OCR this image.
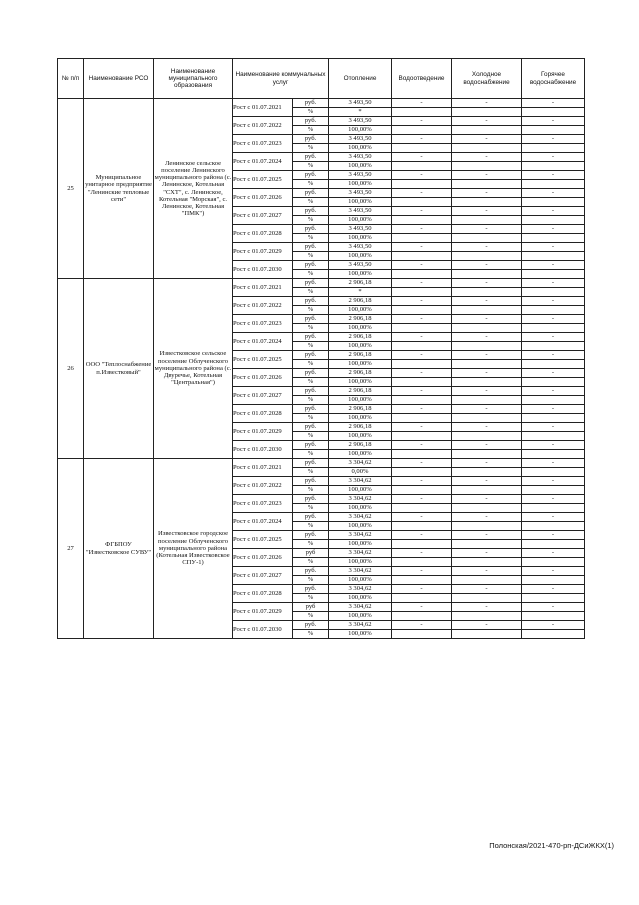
№ п/п	Наименование РСО	Наименование муниципального образования	Наименование коммунальных услуг		Отопление	Водоотведение	Холодное водоснабжение	Горячее водоснабжение
25	Муниципальное унитарное предприятие "Ленинские тепловые сети"	Ленинское сельское поселение Ленинского муниципального района (с. Ленинское, Котельная "СХТ", с. Ленинское, Котельная "Морская", с. Ленинское, Котельная "ПМК")	Рост с 01.07.2021	руб.	3 493,50	-	-	-
				%	*			
			Рост с 01.07.2022	руб.	3 493,50	-	-	-
				%	100,00%			
			Рост с 01.07.2023	руб.	3 493,50	-	-	-
				%	100,00%			
			Рост с 01.07.2024	руб.	3 493,50	-	-	-
				%	100,00%			
			Рост с 01.07.2025	руб.	3 493,50	-	-	-
				%	100,00%			
			Рост с 01.07.2026	руб.	3 493,50	-	-	-
				%	100,00%			
			Рост с 01.07.2027	руб.	3 493,50	-	-	-
				%	100,00%			
			Рост с 01.07.2028	руб.	3 493,50	-	-	-
				%	100,00%			
			Рост с 01.07.2029	руб.	3 493,50	-	-	-
				%	100,00%			
			Рост с 01.07.2030	руб.	3 493,50	-	-	-
				%	100,00%			
26	ООО "Теплоснабжение п.Известковый"	Известковское сельское поселение Облученского муниципального района (с. Двуречье, Котельная "Центральная")	Рост с 01.07.2021	руб.	2 906,18	-	-	-
				%	*			
			Рост с 01.07.2022	руб.	2 906,18	-	-	-
				%	100,00%			
			Рост с 01.07.2023	руб.	2 906,18	-	-	-
				%	100,00%			
			Рост с 01.07.2024	руб.	2 906,18	-	-	-
				%	100,00%			
			Рост с 01.07.2025	руб.	2 906,18	-	-	-
				%	100,00%			
			Рост с 01.07.2026	руб.	2 906,18	-	-	-
				%	100,00%			
			Рост с 01.07.2027	руб.	2 906,18	-	-	-
				%	100,00%			
			Рост с 01.07.2028	руб.	2 906,18	-	-	-
				%	100,00%			
			Рост с 01.07.2029	руб.	2 906,18	-	-	-
				%	100,00%			
			Рост с 01.07.2030	руб.	2 906,18	-	-	-
				%	100,00%			
27	ФГБПОУ "Известковское СУВУ"	Известковское городское поселение Облученского муниципального района (Котельная Известковское СПУ-1)	Рост с 01.07.2021	руб.	3 304,62	-	-	-
				%	0,00%			
			Рост с 01.07.2022	руб.	3 304,62	-	-	-
				%	100,00%			
			Рост с 01.07.2023	руб.	3 304,62	-	-	-
				%	100,00%			
			Рост с 01.07.2024	руб.	3 304,62	-	-	-
				%	100,00%			
			Рост с 01.07.2025	руб.	3 304,62	-	-	-
				%	100,00%			
			Рост с 01.07.2026	руб	3 304,62	-	-	-
				%	100,00%			
			Рост с 01.07.2027	руб.	3 304,62	-	-	-
				%	100,00%			
			Рост с 01.07.2028	руб.	3 304,62	-	-	-
				%	100,00%			
			Рост с 01.07.2029	руб	3 304,62	-	-	-
				%	100,00%			
			Рост с 01.07.2030	руб.	3 304,62	-	-	-
				%	100,00%			
Полонская/2021-470-рп-ДСиЖКХ(1)
